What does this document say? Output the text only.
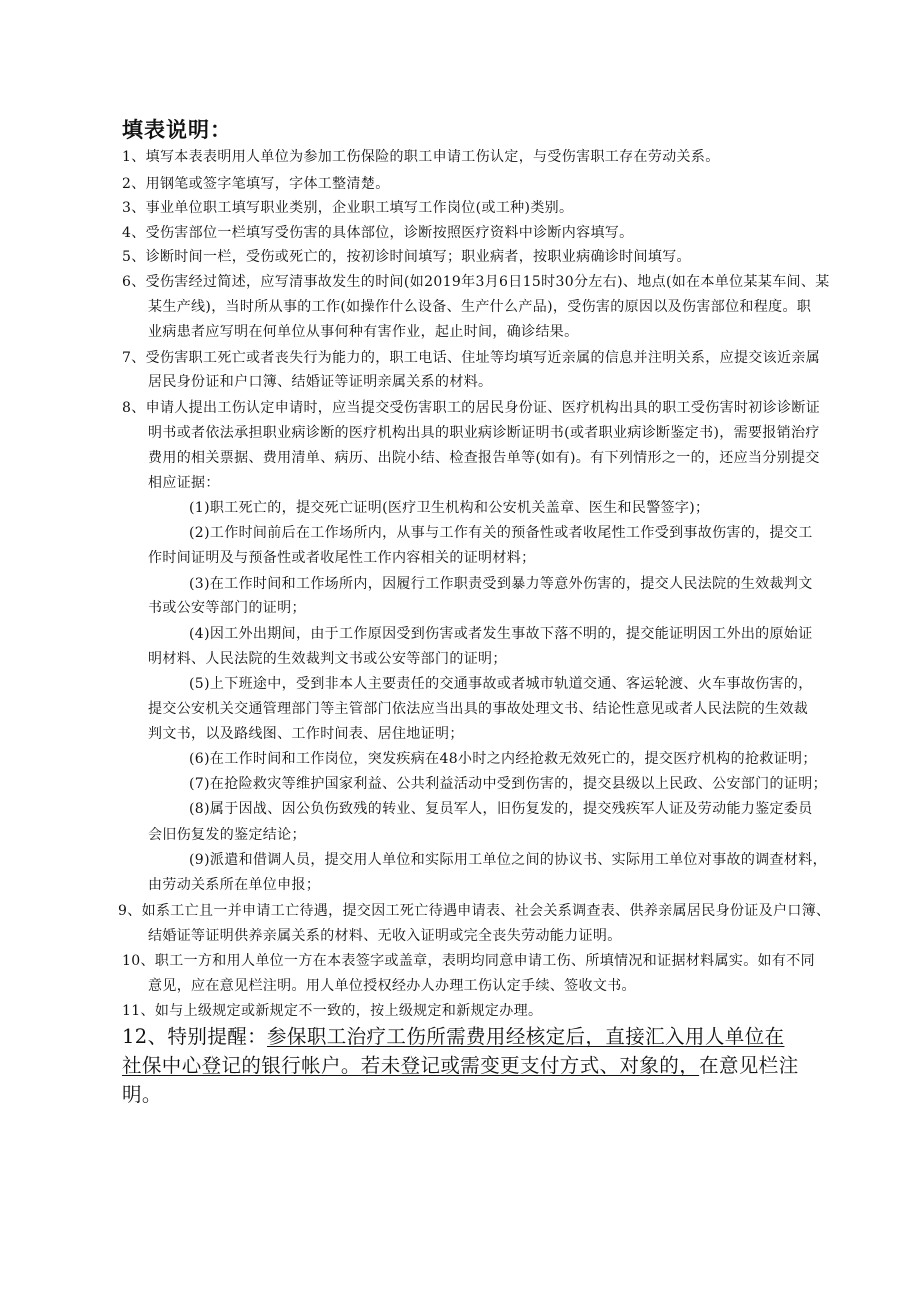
填表说明：
1、填写本表表明用人单位为参加工伤保险的职工申请工伤认定，与受伤害职工存在劳动关系。
2、用钢笔或签字笔填写，字体工整清楚。
3、事业单位职工填写职业类别，企业职工填写工作岗位(或工种)类别。
4、受伤害部位一栏填写受伤害的具体部位，诊断按照医疗资料中诊断内容填写。
5、诊断时间一栏，受伤或死亡的，按初诊时间填写；职业病者，按职业病确诊时间填写。
6、受伤害经过简述，应写清事故发生的时间(如2019年3月6日15时30分左右)、地点(如在本单位某某车间、某
某生产线)，当时所从事的工作(如操作什么设备、生产什么产品)，受伤害的原因以及伤害部位和程度。职
业病患者应写明在何单位从事何种有害作业，起止时间，确诊结果。
7、受伤害职工死亡或者丧失行为能力的，职工电话、住址等均填写近亲属的信息并注明关系，应提交该近亲属
居民身份证和户口簿、结婚证等证明亲属关系的材料。
8、申请人提出工伤认定申请时，应当提交受伤害职工的居民身份证、医疗机构出具的职工受伤害时初诊诊断证
明书或者依法承担职业病诊断的医疗机构出具的职业病诊断证明书(或者职业病诊断鉴定书)，需要报销治疗
费用的相关票据、费用清单、病历、出院小结、检查报告单等(如有)。有下列情形之一的，还应当分别提交
相应证据：
(1)职工死亡的，提交死亡证明(医疗卫生机构和公安机关盖章、医生和民警签字)；
(2)工作时间前后在工作场所内，从事与工作有关的预备性或者收尾性工作受到事故伤害的，提交工
作时间证明及与预备性或者收尾性工作内容相关的证明材料；
(3)在工作时间和工作场所内，因履行工作职责受到暴力等意外伤害的，提交人民法院的生效裁判文
书或公安等部门的证明；
(4)因工外出期间，由于工作原因受到伤害或者发生事故下落不明的，提交能证明因工外出的原始证
明材料、人民法院的生效裁判文书或公安等部门的证明；
(5)上下班途中，受到非本人主要责任的交通事故或者城市轨道交通、客运轮渡、火车事故伤害的，
提交公安机关交通管理部门等主管部门依法应当出具的事故处理文书、结论性意见或者人民法院的生效裁
判文书，以及路线图、工作时间表、居住地证明；
(6)在工作时间和工作岗位，突发疾病在48小时之内经抢救无效死亡的，提交医疗机构的抢救证明；
(7)在抢险救灾等维护国家利益、公共利益活动中受到伤害的，提交县级以上民政、公安部门的证明；
(8)属于因战、因公负伤致残的转业、复员军人，旧伤复发的，提交残疾军人证及劳动能力鉴定委员
会旧伤复发的鉴定结论；
(9)派遣和借调人员，提交用人单位和实际用工单位之间的协议书、实际用工单位对事故的调查材料，
由劳动关系所在单位申报；
9、如系工亡且一并申请工亡待遇，提交因工死亡待遇申请表、社会关系调查表、供养亲属居民身份证及户口簿、
结婚证等证明供养亲属关系的材料、无收入证明或完全丧失劳动能力证明。
10、职工一方和用人单位一方在本表签字或盖章，表明均同意申请工伤、所填情况和证据材料属实。如有不同
意见，应在意见栏注明。用人单位授权经办人办理工伤认定手续、签收文书。
11、如与上级规定或新规定不一致的，按上级规定和新规定办理。
12、特别提醒：参保职工治疗工伤所需费用经核定后，直接汇入用人单位在
社保中心登记的银行帐户。若未登记或需变更支付方式、对象的，在意见栏注
明。
